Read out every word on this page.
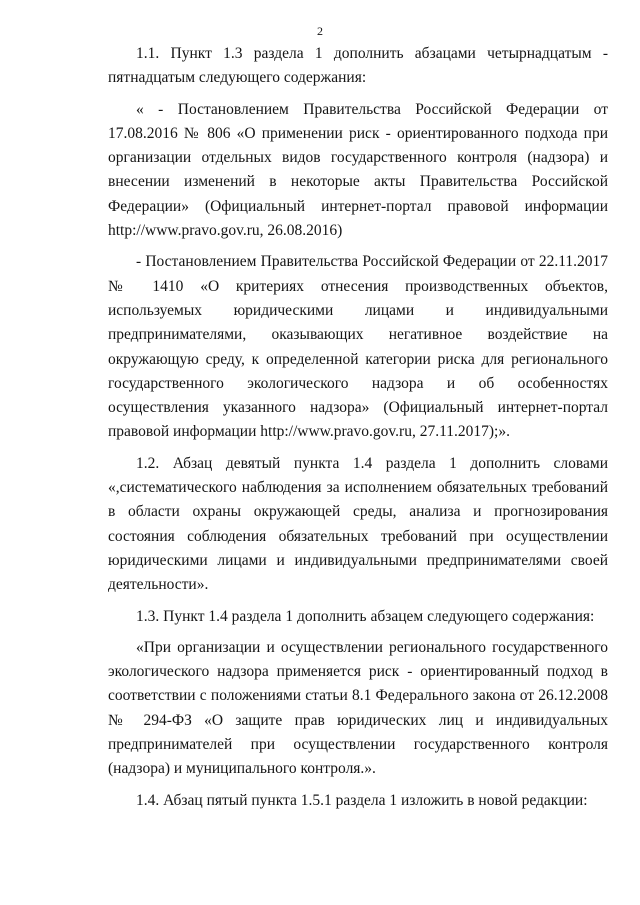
2

1.1. Пункт 1.3 раздела 1 дополнить абзацами четырнадцатым - пятнадцатым следующего содержания:

« - Постановлением Правительства Российской Федерации от 17.08.2016 № 806 «О применении риск - ориентированного подхода при организации отдельных видов государственного контроля (надзора) и внесении изменений в некоторые акты Правительства Российской Федерации» (Официальный интернет-портал правовой информации http://www.pravo.gov.ru, 26.08.2016)

- Постановлением Правительства Российской Федерации от 22.11.2017 № 1410 «О критериях отнесения производственных объектов, используемых юридическими лицами и индивидуальными предпринимателями, оказывающих негативное воздействие на окружающую среду, к определенной категории риска для регионального государственного экологического надзора и об особенностях осуществления указанного надзора» (Официальный интернет-портал правовой информации http://www.pravo.gov.ru, 27.11.2017);».

1.2. Абзац девятый пункта 1.4 раздела 1 дополнить словами «,систематического наблюдения за исполнением обязательных требований в области охраны окружающей среды, анализа и прогнозирования состояния соблюдения обязательных требований при осуществлении юридическими лицами и индивидуальными предпринимателями своей деятельности».

1.3. Пункт 1.4 раздела 1 дополнить абзацем следующего содержания:

«При организации и осуществлении регионального государственного экологического надзора применяется риск - ориентированный подход в соответствии с положениями статьи 8.1 Федерального закона от 26.12.2008 № 294-ФЗ «О защите прав юридических лиц и индивидуальных предпринимателей при осуществлении государственного контроля (надзора) и муниципального контроля.».

1.4. Абзац пятый пункта 1.5.1 раздела 1 изложить в новой редакции:
